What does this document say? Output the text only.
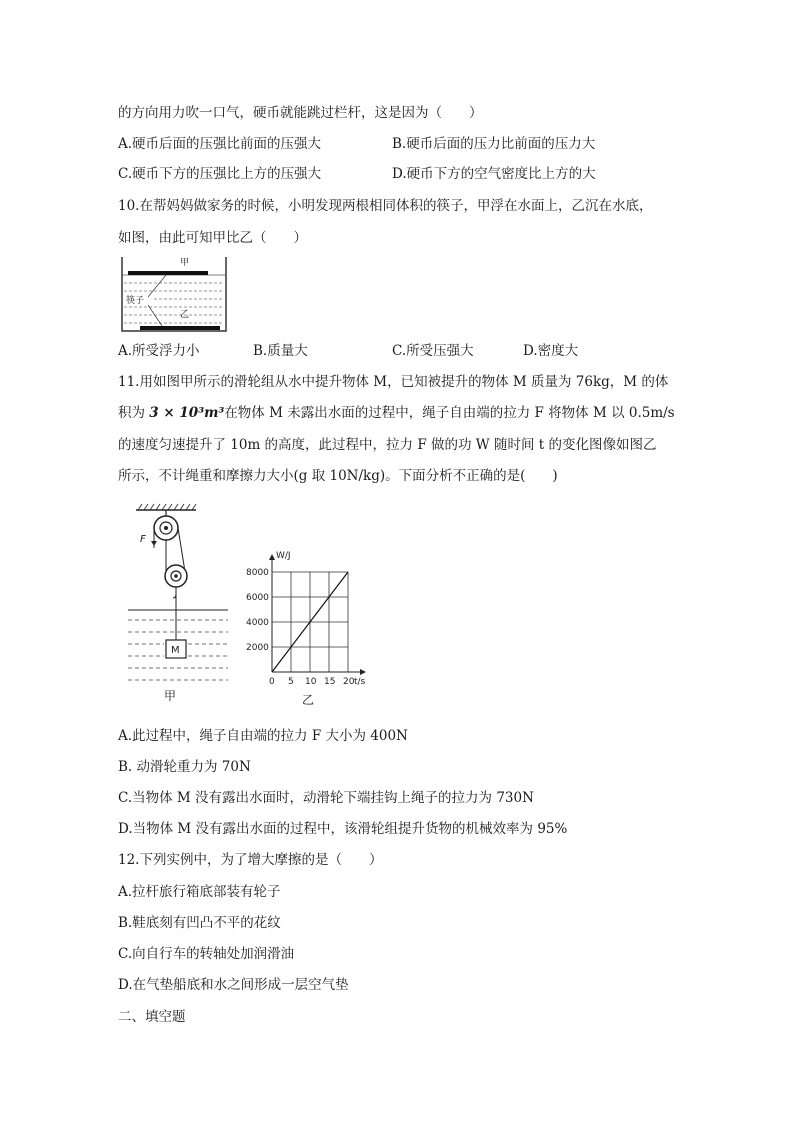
的方向用力吹一口气，硬币就能跳过栏杆，这是因为（　　）
A.硬币后面的压强比前面的压强大	B.硬币后面的压力比前面的压力大
C.硬币下方的压强比上方的压强大	D.硬币下方的空气密度比上方的大
10.在帮妈妈做家务的时候，小明发现两根相同体积的筷子，甲浮在水面上，乙沉在水底，
如图，由此可知甲比乙（　　）
甲
筷子
乙
A.所受浮力小	B.质量大	C.所受压强大	D.密度大
11.用如图甲所示的滑轮组从水中提升物体 M，已知被提升的物体 M 质量为 76kg，M 的体
积为 3 × 10³m³在物体 M 未露出水面的过程中，绳子自由端的拉力 F 将物体 M 以 0.5m/s
的速度匀速提升了 10m 的高度，此过程中，拉力 F 做的功 W 随时间 t 的变化图像如图乙
所示，不计绳重和摩擦力大小(g 取 10N/kg)。下面分析不正确的是(　　)
F
M
甲
W/J
t/s
0
8000
6000
4000
2000
5 10 15 20
乙
A.此过程中，绳子自由端的拉力 F 大小为 400N
B. 动滑轮重力为 70N
C.当物体 M 没有露出水面时，动滑轮下端挂钩上绳子的拉力为 730N
D.当物体 M 没有露出水面的过程中，该滑轮组提升货物的机械效率为 95%
12.下列实例中，为了增大摩擦的是（　　）
A.拉杆旅行箱底部装有轮子
B.鞋底刻有凹凸不平的花纹
C.向自行车的转轴处加润滑油
D.在气垫船底和水之间形成一层空气垫
二、填空题
